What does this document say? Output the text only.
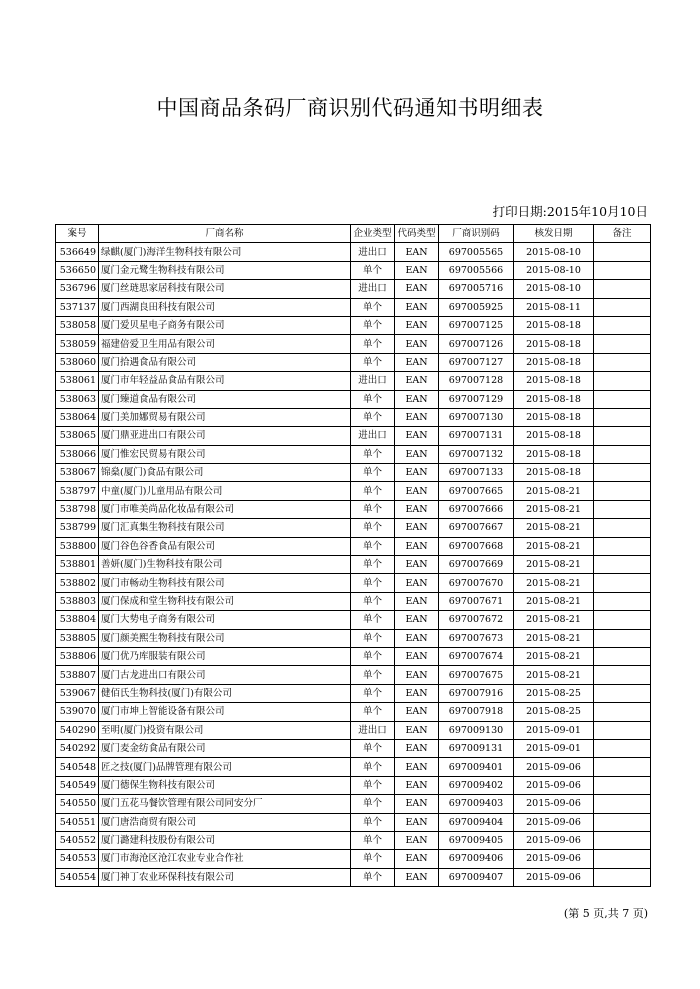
中国商品条码厂商识别代码通知书明细表
打印日期:2015年10月10日
案号	厂商名称	企业类型	代码类型	厂商识别码	核发日期	备注
536649	绿麒(厦门)海洋生物科技有限公司	进出口	EAN	697005565	2015-08-10	
536650	厦门金元鹭生物科技有限公司	单个	EAN	697005566	2015-08-10	
536796	厦门丝琏思家居科技有限公司	进出口	EAN	697005716	2015-08-10	
537137	厦门西湖良田科技有限公司	单个	EAN	697005925	2015-08-11	
538058	厦门爱贝星电子商务有限公司	单个	EAN	697007125	2015-08-18	
538059	福建倍爱卫生用品有限公司	单个	EAN	697007126	2015-08-18	
538060	厦门拾遇食品有限公司	单个	EAN	697007127	2015-08-18	
538061	厦门市年轻益品食品有限公司	进出口	EAN	697007128	2015-08-18	
538063	厦门臻道食品有限公司	单个	EAN	697007129	2015-08-18	
538064	厦门美加娜贸易有限公司	单个	EAN	697007130	2015-08-18	
538065	厦门鼎亚进出口有限公司	进出口	EAN	697007131	2015-08-18	
538066	厦门惟宏民贸易有限公司	单个	EAN	697007132	2015-08-18	
538067	锦燊(厦门)食品有限公司	单个	EAN	697007133	2015-08-18	
538797	中童(厦门)儿童用品有限公司	单个	EAN	697007665	2015-08-21	
538798	厦门市唯美尚品化妆品有限公司	单个	EAN	697007666	2015-08-21	
538799	厦门汇真集生物科技有限公司	单个	EAN	697007667	2015-08-21	
538800	厦门谷色谷香食品有限公司	单个	EAN	697007668	2015-08-21	
538801	善妍(厦门)生物科技有限公司	单个	EAN	697007669	2015-08-21	
538802	厦门市畅动生物科技有限公司	单个	EAN	697007670	2015-08-21	
538803	厦门保成和堂生物科技有限公司	单个	EAN	697007671	2015-08-21	
538804	厦门大势电子商务有限公司	单个	EAN	697007672	2015-08-21	
538805	厦门颜美熙生物科技有限公司	单个	EAN	697007673	2015-08-21	
538806	厦门优乃库服装有限公司	单个	EAN	697007674	2015-08-21	
538807	厦门古龙进出口有限公司	单个	EAN	697007675	2015-08-21	
539067	健佰氏生物科技(厦门)有限公司	单个	EAN	697007916	2015-08-25	
539070	厦门市坤上智能设备有限公司	单个	EAN	697007918	2015-08-25	
540290	至明(厦门)投资有限公司	进出口	EAN	697009130	2015-09-01	
540292	厦门麦金纺食品有限公司	单个	EAN	697009131	2015-09-01	
540548	匠之技(厦门)品牌管理有限公司	单个	EAN	697009401	2015-09-06	
540549	厦门德保生物科技有限公司	单个	EAN	697009402	2015-09-06	
540550	厦门五花马餐饮管理有限公司同安分厂	单个	EAN	697009403	2015-09-06	
540551	厦门唐浩商贸有限公司	单个	EAN	697009404	2015-09-06	
540552	厦门潞建科技股份有限公司	单个	EAN	697009405	2015-09-06	
540553	厦门市海沧区沧江农业专业合作社	单个	EAN	697009406	2015-09-06	
540554	厦门神丁农业环保科技有限公司	单个	EAN	697009407	2015-09-06	
(第 5 页,共 7 页)
